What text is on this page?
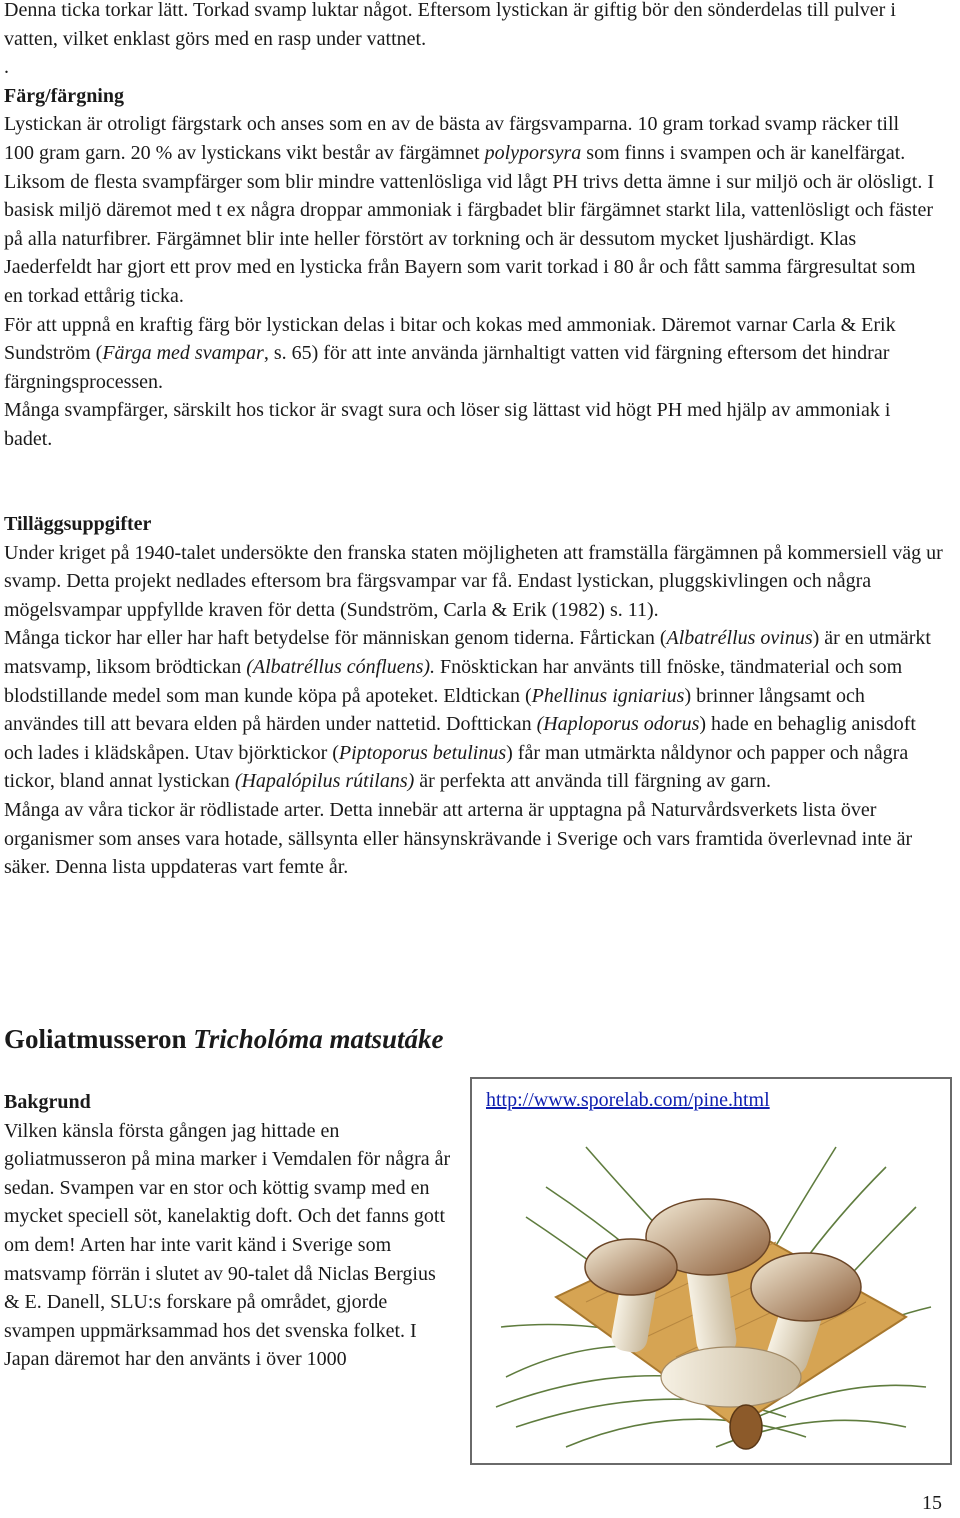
Denna ticka torkar lätt. Torkad svamp luktar något. Eftersom lystickan är giftig bör den sönderdelas till pulver i vatten, vilket enklast görs med en rasp under vattnet.

.

Färg/färgning

Lystickan är otroligt färgstark och anses som en av de bästa av färgsvamparna. 10 gram torkad svamp räcker till 100 gram garn. 20 % av lystickans vikt består av färgämnet polyporsyra som finns i svampen och är kanelfärgat. Liksom de flesta svampfärger som blir mindre vattenlösliga vid lågt PH trivs detta ämne i sur miljö och är olösligt. I basisk miljö däremot med t ex några droppar ammoniak i färgbadet blir färgämnet starkt lila, vattenlösligt och fäster på alla naturfibrer. Färgämnet blir inte heller förstört av torkning och är dessutom mycket ljushärdigt. Klas Jaederfeldt har gjort ett prov med en lysticka från Bayern som varit torkad i 80 år och fått samma färgresultat som en torkad ettårig ticka.

För att uppnå en kraftig färg bör lystickan delas i bitar och kokas med ammoniak. Däremot varnar Carla & Erik Sundström (Färga med svampar, s. 65) för att inte använda järnhaltigt vatten vid färgning eftersom det hindrar färgningsprocessen.

Många svampfärger, särskilt hos tickor är svagt sura och löser sig lättast vid högt PH med hjälp av ammoniak i badet.

Tilläggsuppgifter

Under kriget på 1940-talet undersökte den franska staten möjligheten att framställa färgämnen på kommersiell väg ur svamp. Detta projekt nedlades eftersom bra färgsvampar var få. Endast lystickan, pluggskivlingen och några mögelsvampar uppfyllde kraven för detta (Sundström, Carla & Erik (1982) s. 11).

Många tickor har eller har haft betydelse för människan genom tiderna. Fårtickan (Albatréllus ovinus) är en utmärkt matsvamp, liksom brödtickan (Albatréllus cónfluens). Fnösktickan har använts till fnöske, tändmaterial och som blodstillande medel som man kunde köpa på apoteket. Eldtickan (Phellinus igniarius) brinner långsamt och användes till att bevara elden på härden under nattetid. Dofttickan (Haploporus odorus) hade en behaglig anisdoft och lades i klädskåpen. Utav björktickor (Piptoporus betulinus) får man utmärkta nåldynor och papper och några tickor, bland annat lystickan (Hapalópilus rútilans) är perfekta att använda till färgning av garn.

Många av våra tickor är rödlistade arter. Detta innebär att arterna är upptagna på Naturvårdsverkets lista över organismer som anses vara hotade, sällsynta eller hänsynskrävande i Sverige och vars framtida överlevnad inte är säker. Denna lista uppdateras vart femte år.

Goliatmusseron Tricholóma matsutáke

Bakgrund

Vilken känsla första gången jag hittade en goliatmusseron på mina marker i Vemdalen för några år sedan. Svampen var en stor och köttig svamp med en mycket speciell söt, kanelaktig doft. Och det fanns gott om dem! Arten har inte varit känd i Sverige som matsvamp förrän i slutet av 90-talet då Niclas Bergius & E. Danell, SLU:s forskare på området, gjorde svampen uppmärksammad hos det svenska folket. I Japan däremot har den använts i över 1000

http://www.sporelab.com/pine.html
15
